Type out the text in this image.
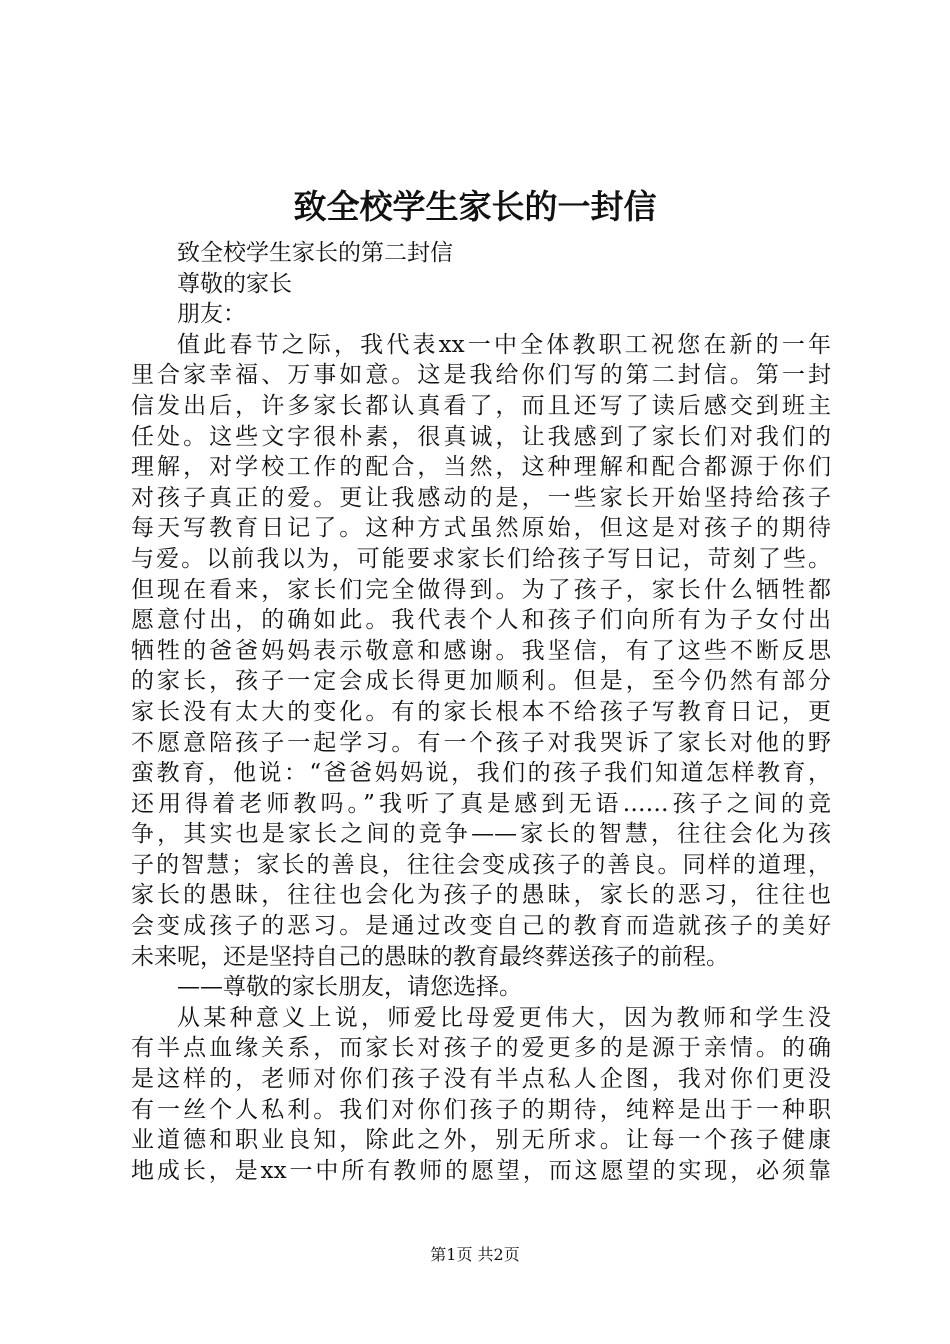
致全校学生家长的一封信
致全校学生家长的第二封信
尊敬的家长
朋友：
值此春节之际，我代表xx一中全体教职工祝您在新的一年
里合家幸福、万事如意。这是我给你们写的第二封信。第一封
信发出后，许多家长都认真看了，而且还写了读后感交到班主
任处。这些文字很朴素，很真诚，让我感到了家长们对我们的
理解，对学校工作的配合，当然，这种理解和配合都源于你们
对孩子真正的爱。更让我感动的是，一些家长开始坚持给孩子
每天写教育日记了。这种方式虽然原始，但这是对孩子的期待
与爱。以前我以为，可能要求家长们给孩子写日记，苛刻了些。
但现在看来，家长们完全做得到。为了孩子，家长什么牺牲都
愿意付出，的确如此。我代表个人和孩子们向所有为子女付出
牺牲的爸爸妈妈表示敬意和感谢。我坚信，有了这些不断反思
的家长，孩子一定会成长得更加顺利。但是，至今仍然有部分
家长没有太大的变化。有的家长根本不给孩子写教育日记，更
不愿意陪孩子一起学习。有一个孩子对我哭诉了家长对他的野
蛮教育，他说：“爸爸妈妈说，我们的孩子我们知道怎样教育，
还用得着老师教吗。”我听了真是感到无语……孩子之间的竞
争，其实也是家长之间的竞争——家长的智慧，往往会化为孩
子的智慧；家长的善良，往往会变成孩子的善良。同样的道理，
家长的愚昧，往往也会化为孩子的愚昧，家长的恶习，往往也
会变成孩子的恶习。是通过改变自己的教育而造就孩子的美好
未来呢，还是坚持自己的愚昧的教育最终葬送孩子的前程。
——尊敬的家长朋友，请您选择。
从某种意义上说，师爱比母爱更伟大，因为教师和学生没
有半点血缘关系，而家长对孩子的爱更多的是源于亲情。的确
是这样的，老师对你们孩子没有半点私人企图，我对你们更没
有一丝个人私利。我们对你们孩子的期待，纯粹是出于一种职
业道德和职业良知，除此之外，别无所求。让每一个孩子健康
地成长，是xx一中所有教师的愿望，而这愿望的实现，必须靠
第1页 共2页
